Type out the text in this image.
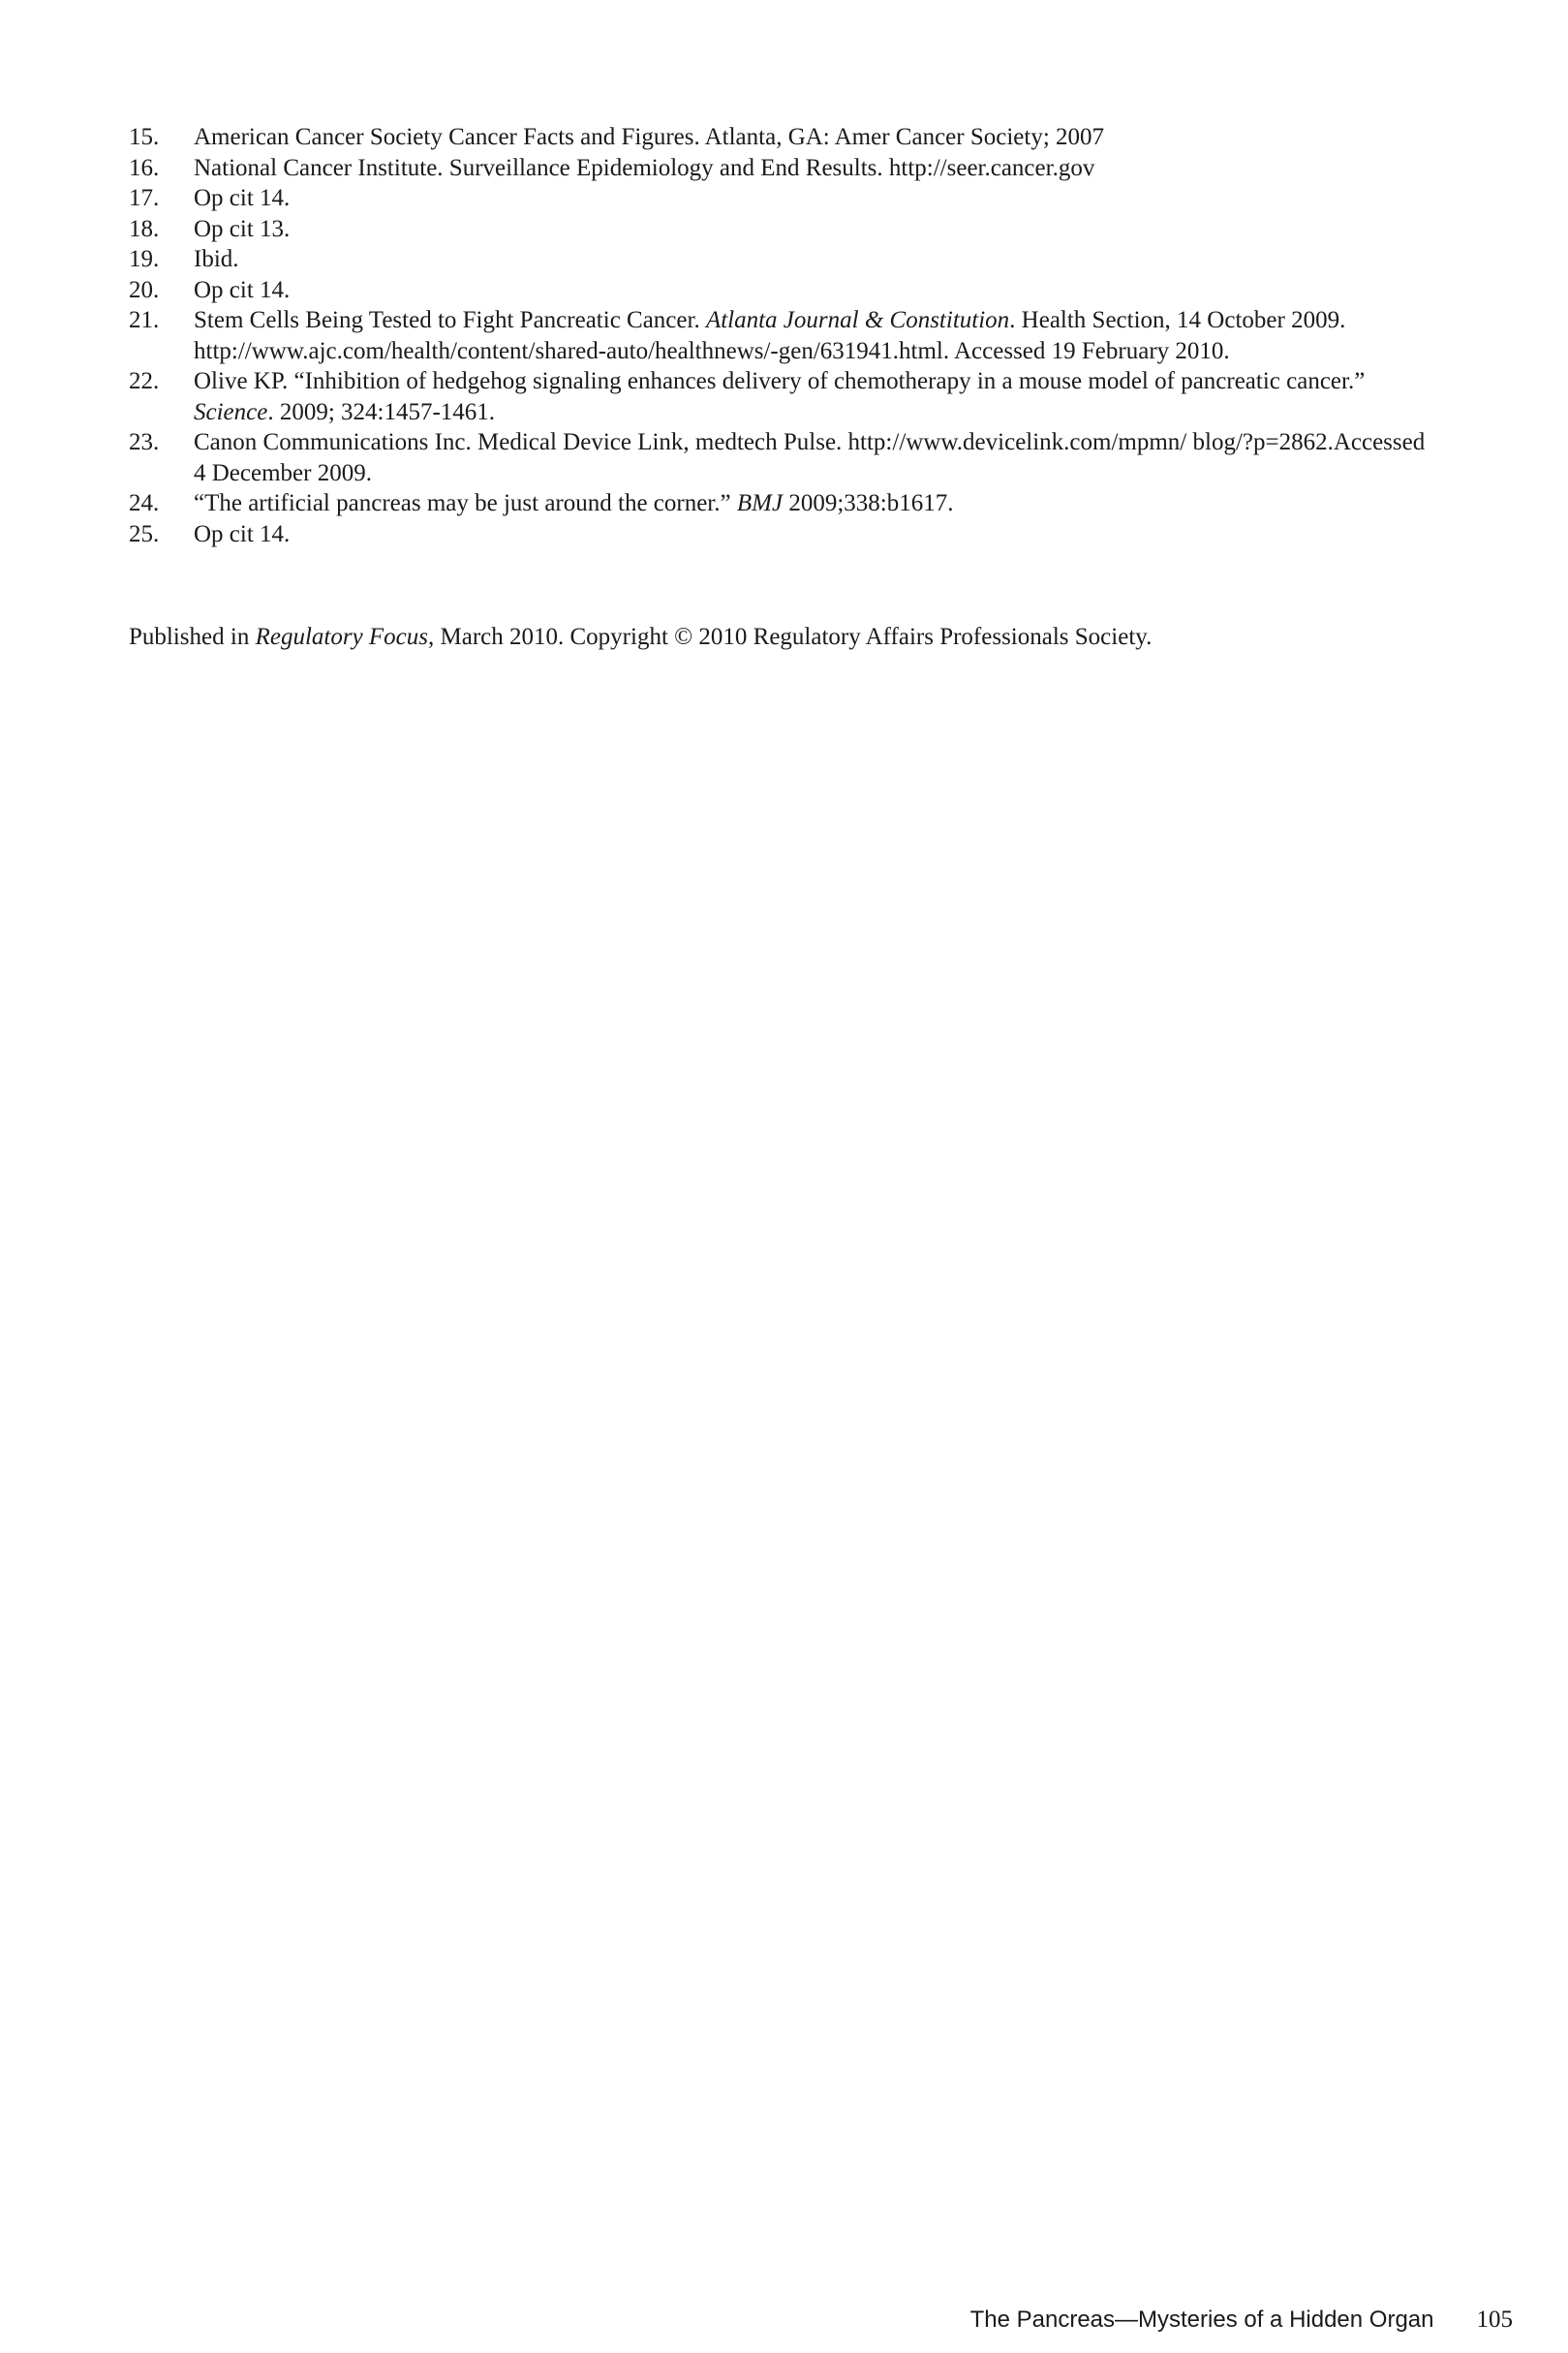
15.	American Cancer Society Cancer Facts and Figures. Atlanta, GA: Amer Cancer Society; 2007
16.	National Cancer Institute. Surveillance Epidemiology and End Results. http://seer.cancer.gov
17.	Op cit 14.
18.	Op cit 13.
19.	Ibid.
20.	Op cit 14.
21.	Stem Cells Being Tested to Fight Pancreatic Cancer. Atlanta Journal & Constitution. Health Section, 14 October 2009. http://www.ajc.com/health/content/shared-auto/healthnews/-gen/631941.html. Accessed 19 February 2010.
22.	Olive KP. “Inhibition of hedgehog signaling enhances delivery of chemotherapy in a mouse model of pancreatic cancer.” Science. 2009; 324:1457-1461.
23.	Canon Communications Inc. Medical Device Link, medtech Pulse. http://www.devicelink.com/mpmn/ blog/?p=2862.Accessed 4 December 2009.
24.	“The artificial pancreas may be just around the corner.” BMJ 2009;338:b1617.
25.	Op cit 14.
Published in Regulatory Focus, March 2010. Copyright © 2010 Regulatory Affairs Professionals Society.
The Pancreas—Mysteries of a Hidden Organ 105
